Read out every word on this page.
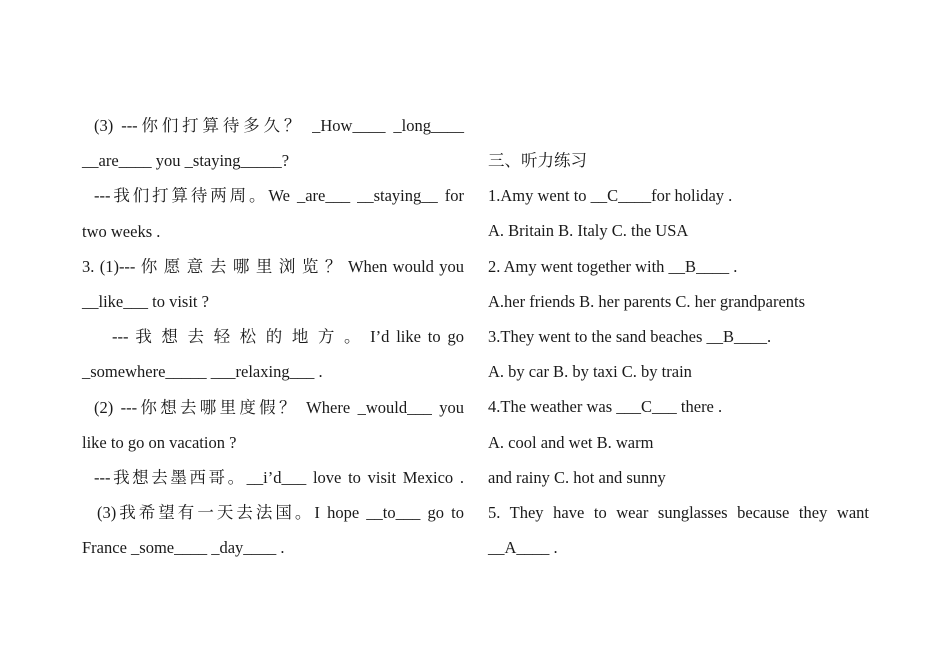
(3) ---你们打算待多久？ _How____ _long____
__are____ you _staying_____?
---我们打算待两周。We _are___ __staying__ for
two weeks .
3. (1)--- 你 愿 意 去 哪 里 浏 览 ？ When would you
__like___ to visit ?
--- 我 想 去 轻 松 的 地 方 。 I’d like to go
_somewhere_____ ___relaxing___ .
(2) ---你想去哪里度假？ Where _would___ you
like to go on vacation ?
---我想去墨西哥。__i’d___ love to visit Mexico .
(3)我希望有一天去法国。I hope __to___ go to
France _some____ _day____ .
三、听力练习
1.Amy went to __C____for holiday .
A. Britain B. Italy C. the USA
2. Amy went together with __B____ .
A.her friends B. her parents C. her grandparents
3.They went to the sand beaches __B____.
A. by car B. by taxi C. by train
4.The weather was ___C___ there .
A. cool and wet B. warm
and rainy C. hot and sunny
5. They have to wear sunglasses because they want
__A____ .
